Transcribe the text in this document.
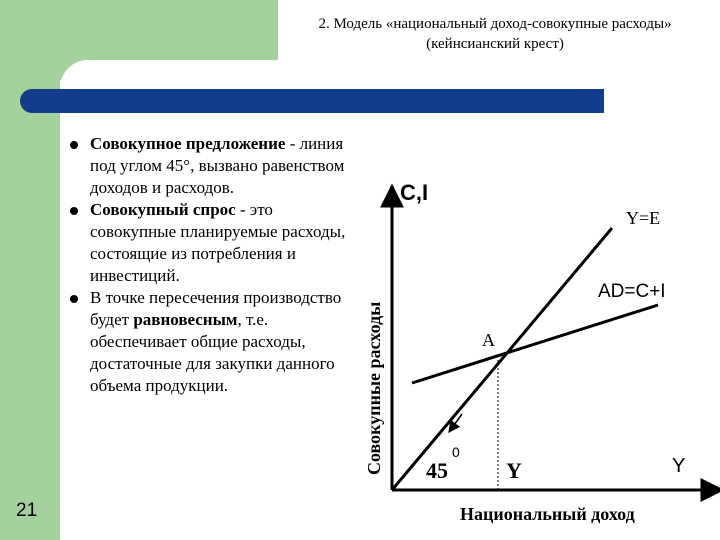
2. Модель «национальный доход-совокупные расходы» (кейнсианский крест)
Совокупное предложение - линия под углом 45°, вызвано равенством доходов и расходов.
Совокупный спрос - это совокупные планируемые расходы, состоящие из потребления и инвестиций.
В точке пересечения производство будет равновесным, т.е. обеспечивает общие расходы, достаточные для закупки данного объема продукции.
21
C,I
Совокупные расходы
Национальный доход
Y
Y=E
AD=C+I
A
Y
45
0
